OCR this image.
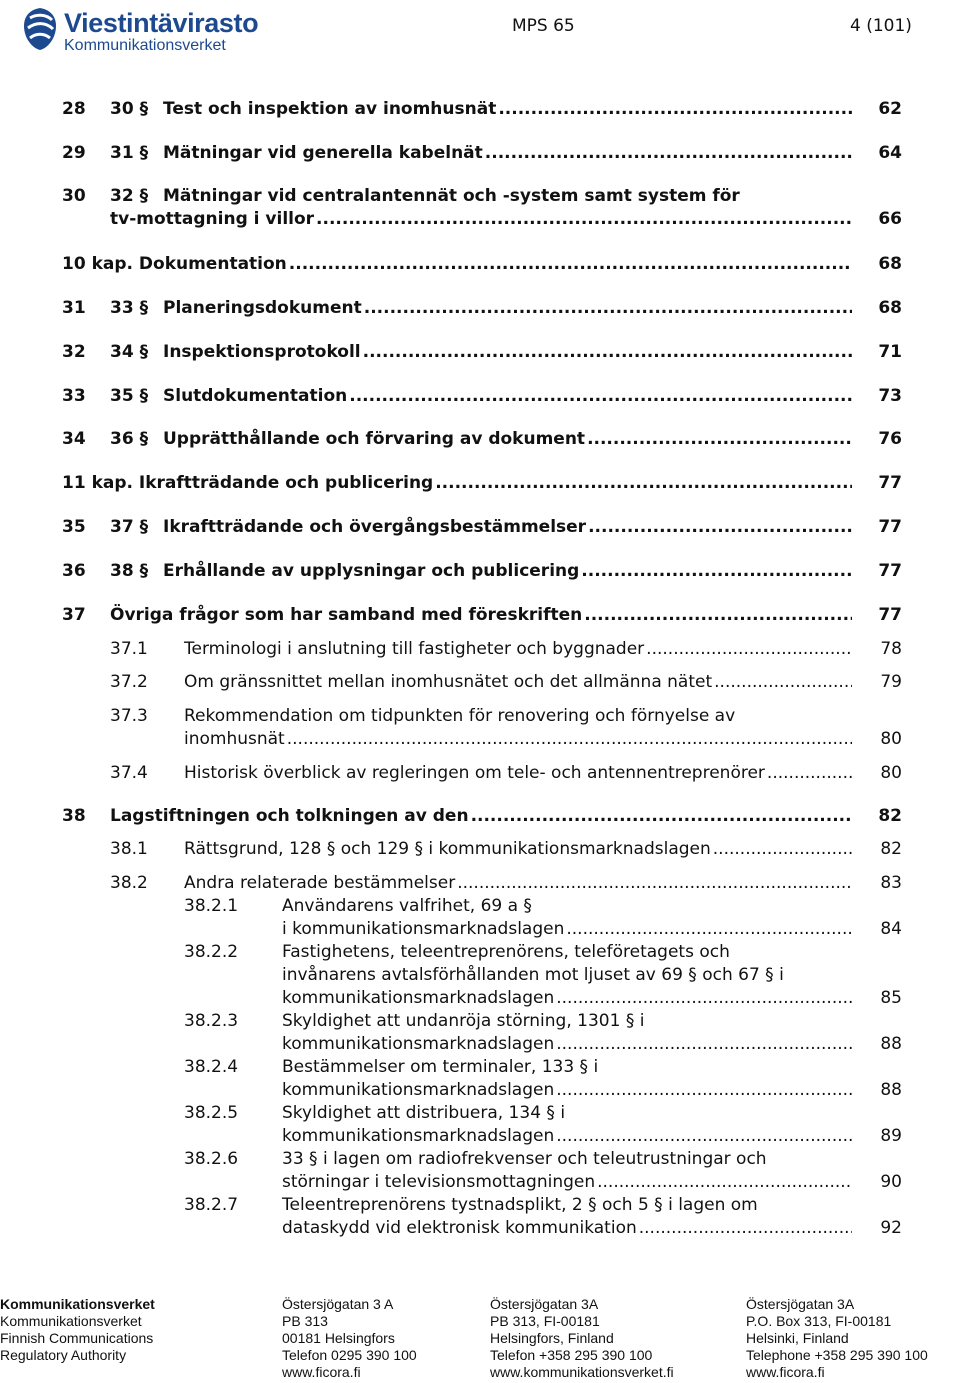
Viestintävirasto
Kommunikationsverket
MPS 65	4 (101)
28 30 § Test och inspektion av inomhusnät .....	62
29 31 § Mätningar vid generella kabelnät .....	64
30 32 § Mätningar vid centralantennät och -system samt system för
tv-mottagning i villor .....	66
10 kap. Dokumentation .....	68
31 33 § Planeringsdokument .....	68
32 34 § Inspektionsprotokoll .....	71
33 35 § Slutdokumentation .....	73
34 36 § Upprätthållande och förvaring av dokument .....	76
11 kap. Ikraftträdande och publicering .....	77
35 37 § Ikraftträdande och övergångsbestämmelser .....	77
36 38 § Erhållande av upplysningar och publicering .....	77
37 Övriga frågor som har samband med föreskriften .....	77
37.1 Terminologi i anslutning till fastigheter och byggnader .....	78
37.2 Om gränssnittet mellan inomhusnätet och det allmänna nätet .....	79
37.3 Rekommendation om tidpunkten för renovering och förnyelse av
inomhusnät .....	80
37.4 Historisk överblick av regleringen om tele- och antennentreprenörer .....	80
38 Lagstiftningen och tolkningen av den .....	82
38.1 Rättsgrund, 128 § och 129 § i kommunikationsmarknadslagen .....	82
38.2 Andra relaterade bestämmelser .....	83
38.2.1	Användarens valfrihet, 69 a §
i kommunikationsmarknadslagen .....	84
38.2.2	Fastighetens, teleentreprenörens, teleföretagets och
invånarens avtalsförhållanden mot ljuset av 69 § och 67 § i
kommunikationsmarknadslagen .....	85
38.2.3	Skyldighet att undanröja störning, 1301 § i
kommunikationsmarknadslagen .....	88
38.2.4	Bestämmelser om terminaler, 133 § i
kommunikationsmarknadslagen .....	88
38.2.5	Skyldighet att distribuera, 134 § i
kommunikationsmarknadslagen .....	89
38.2.6	33 § i lagen om radiofrekvenser och teleutrustningar och
störningar i televisionsmottagningen .....	90
38.2.7	Teleentreprenörens tystnadsplikt, 2 § och 5 § i lagen om
dataskydd vid elektronisk kommunikation .....	92
Kommunikationsverket
Kommunikationsverket
Finnish Communications
Regulatory Authority
Östersjögatan 3 A
PB 313
00181 Helsingfors
Telefon 0295 390 100
www.ficora.fi
Östersjögatan 3A
PB 313, FI-00181
Helsingfors, Finland
Telefon +358 295 390 100
www.kommunikationsverket.fi
Östersjögatan 3A
P.O. Box 313, FI-00181
Helsinki, Finland
Telephone +358 295 390 100
www.ficora.fi
